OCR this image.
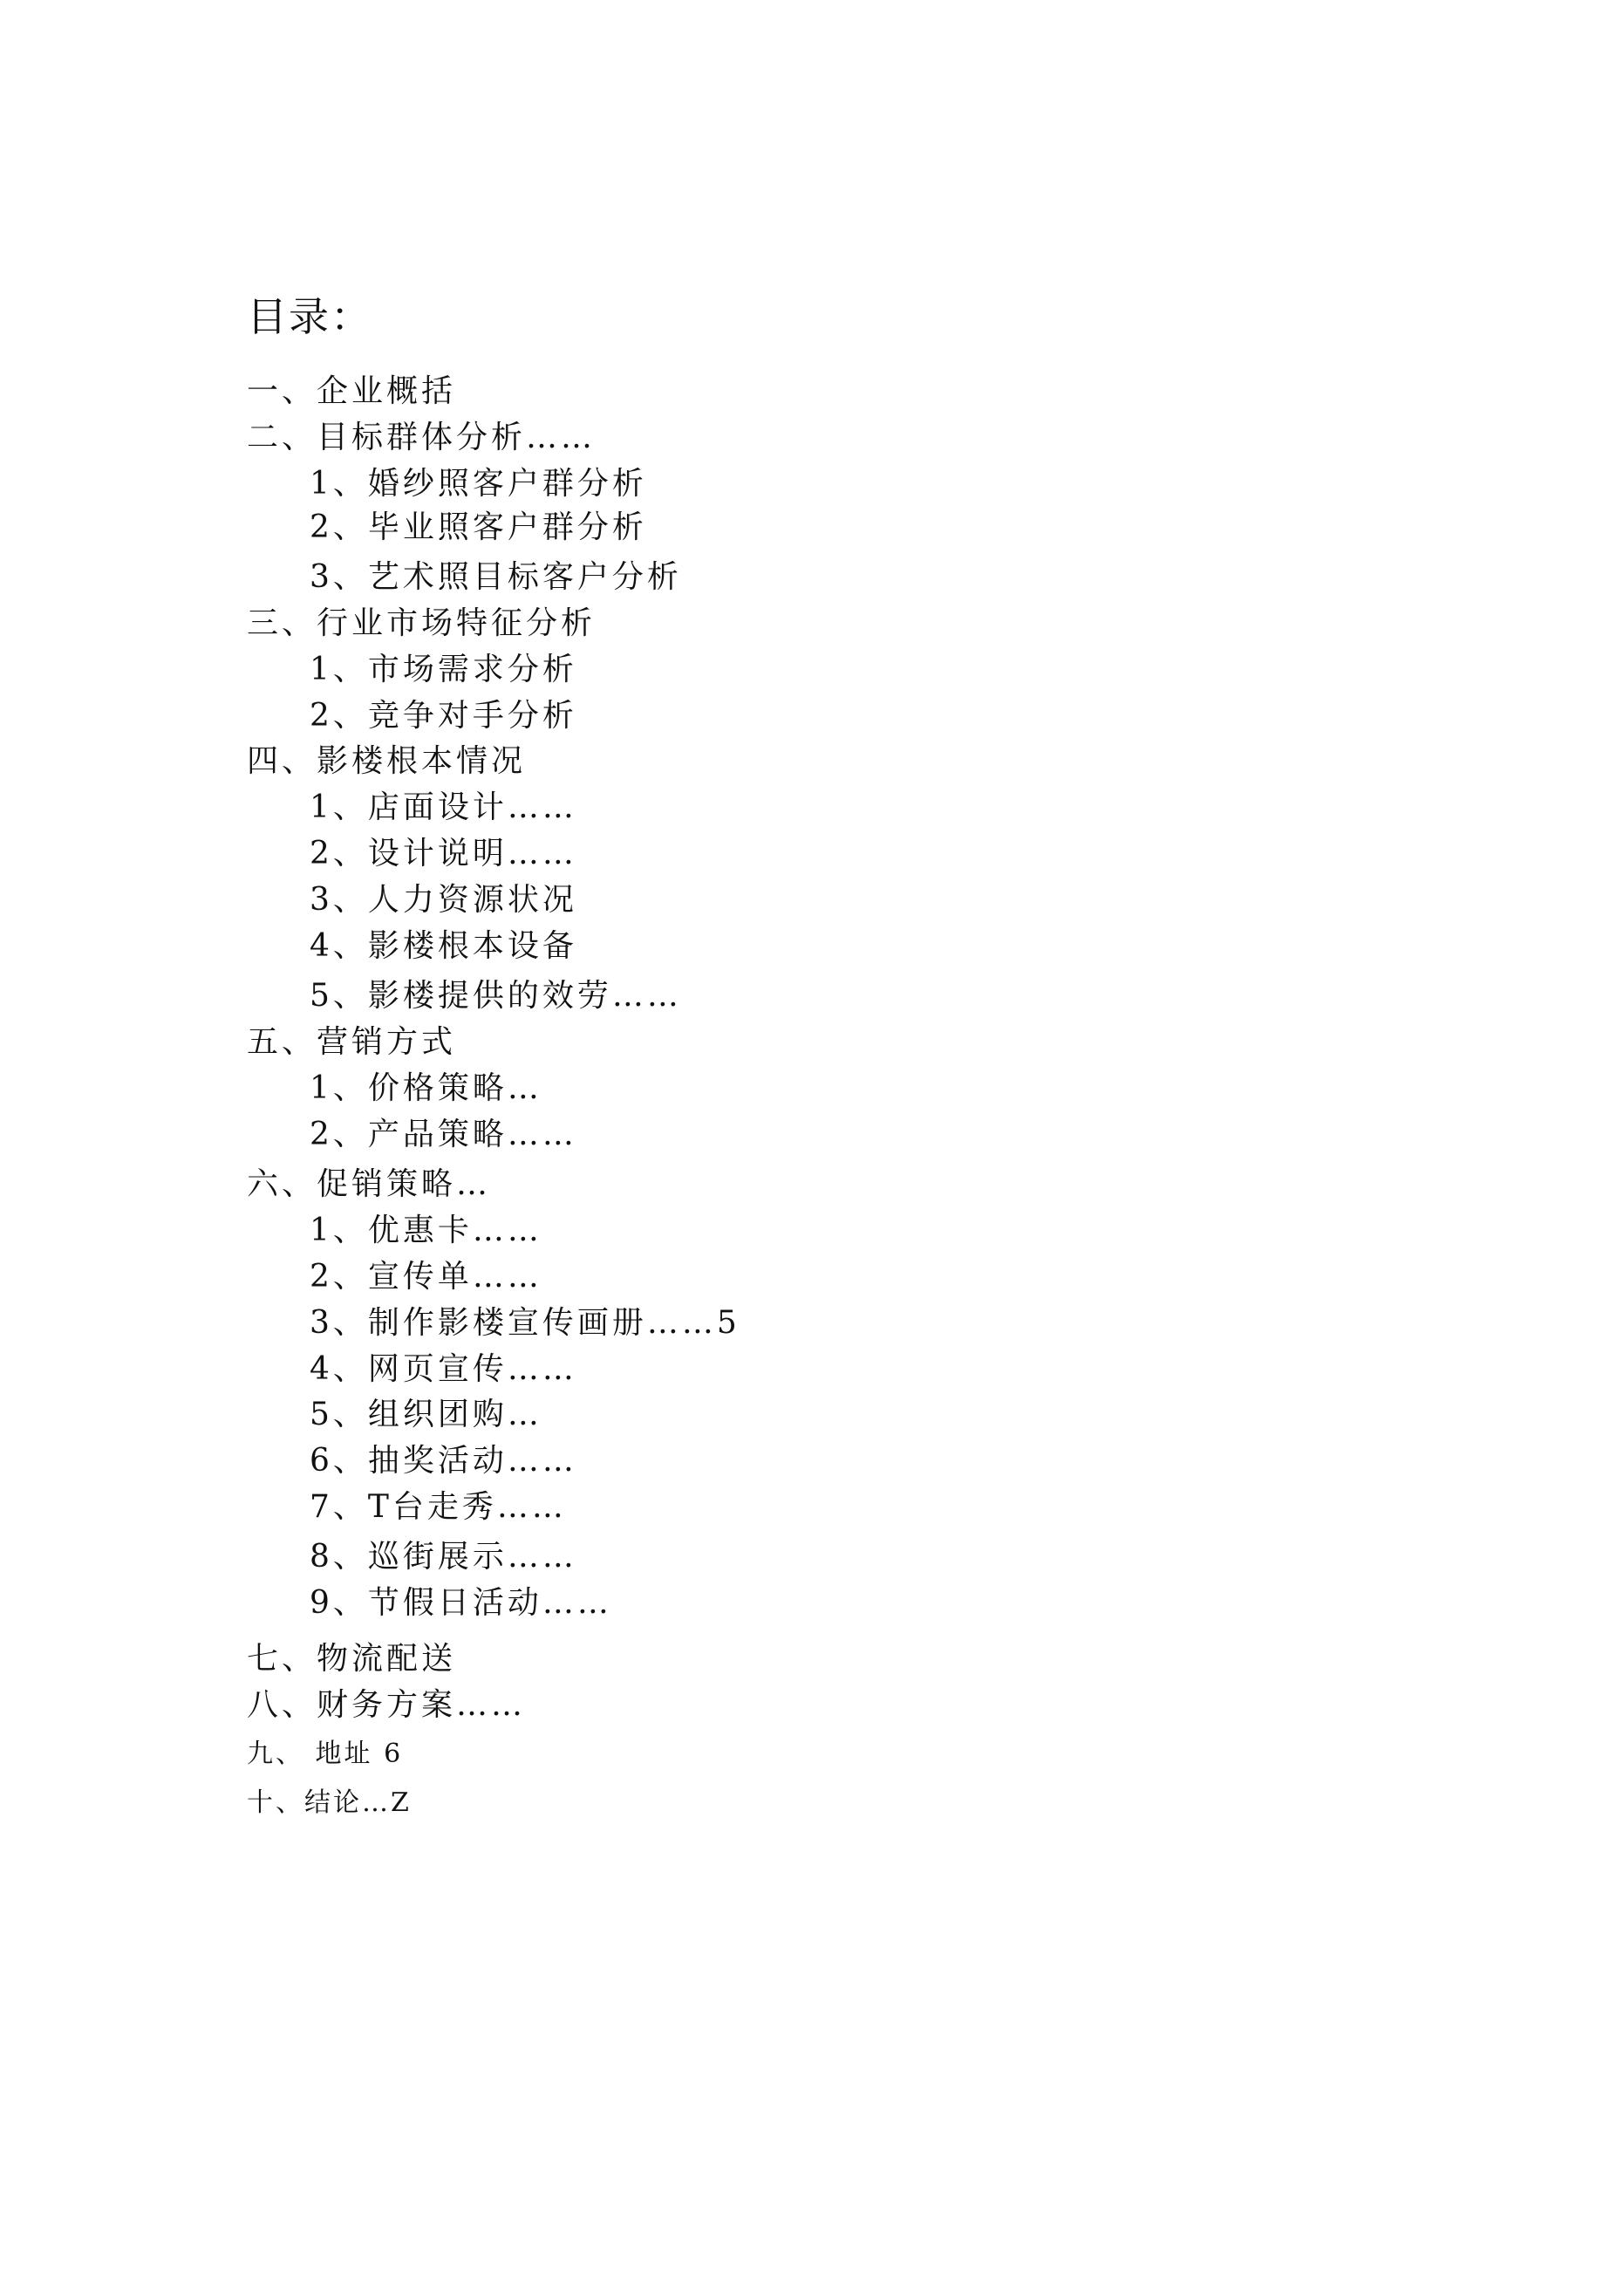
目录：
一、企业概括
二、目标群体分析……
1、婚纱照客户群分析
2、毕业照客户群分析
3、艺术照目标客户分析
三、行业市场特征分析
1、市场需求分析
2、竞争对手分析
四、影楼根本情况
1、店面设计……
2、设计说明……
3、人力资源状况
4、影楼根本设备
5、影楼提供的效劳……
五、营销方式
1、价格策略…
2、产品策略……
六、促销策略…
1、优惠卡……
2、宣传单……
3、制作影楼宣传画册……5
4、网页宣传……
5、组织团购…
6、抽奖活动……
7、T台走秀……
8、巡街展示……
9、节假日活动……
七、物流配送
八、财务方案……
九、 地址 6
十、结论…Z
